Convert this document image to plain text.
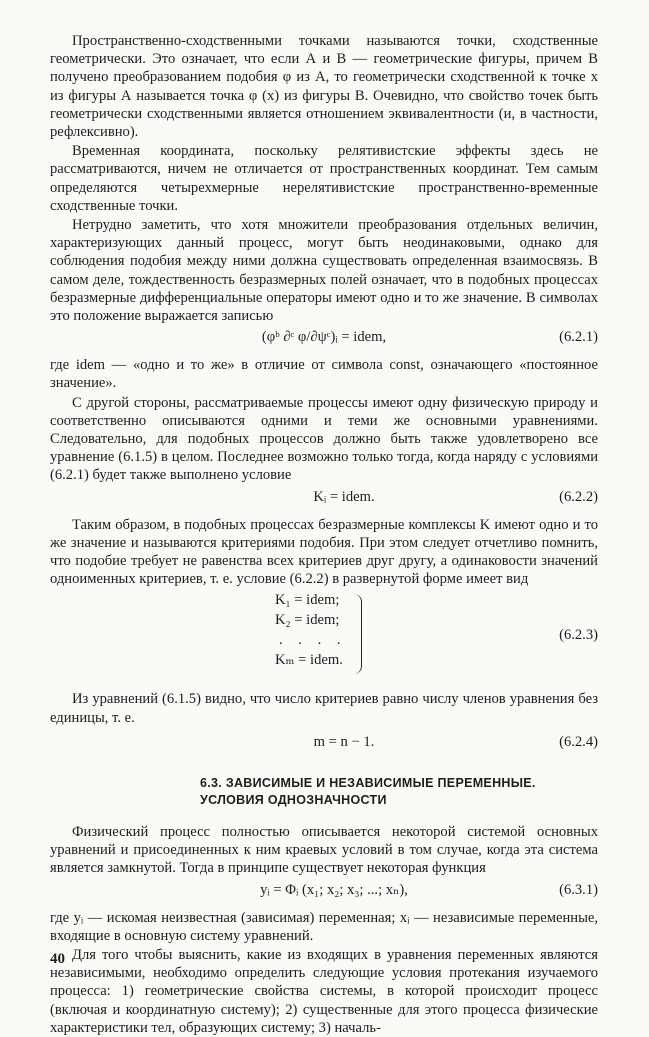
Пространственно-сходственными точками называются точки, сходственные геометрически. Это означает, что если А и В — геометрические фигуры, причем В получено преобразованием подобия φ из А, то геометрически сходственной к точке x из фигуры А называется точка φ (x) из фигуры В. Очевидно, что свойство точек быть геометрически сходственными является отношением эквивалентности (и, в частности, рефлексивно).

Временная координата, поскольку релятивистские эффекты здесь не рассматриваются, ничем не отличается от пространственных координат. Тем самым определяются четырехмерные нерелятивистские пространственно-временные сходственные точки.

Нетрудно заметить, что хотя множители преобразования отдельных величин, характеризующих данный процесс, могут быть неодинаковыми, однако для соблюдения подобия между ними должна существовать определенная взаимосвязь. В самом деле, тождественность безразмерных полей означает, что в подобных процессах безразмерные дифференциальные операторы имеют одно и то же значение. В символах это положение выражается записью

(φᵇ ∂ᶜ φ/∂ψᶜ)ᵢ = idem,	(6.2.1)

где idem — «одно и то же» в отличие от символа const, означающего «постоянное значение».

С другой стороны, рассматриваемые процессы имеют одну физическую природу и соответственно описываются одними и теми же основными уравнениями. Следовательно, для подобных процессов должно быть также удовлетворено все уравнение (6.1.5) в целом. Последнее возможно только тогда, когда наряду с условиями (6.2.1) будет также выполнено условие

Kᵢ = idem.	(6.2.2)

Таким образом, в подобных процессах безразмерные комплексы K имеют одно и то же значение и называются критериями подобия. При этом следует отчетливо помнить, что подобие требует не равенства всех критериев друг другу, а одинаковости значений одноименных критериев, т. е. условие (6.2.2) в развернутой форме имеет вид

K₁ = idem;
K₂ = idem;
. . . .
Kₘ = idem.
(6.2.3)

Из уравнений (6.1.5) видно, что число критериев равно числу членов уравнения без единицы, т. е.

m = n − 1.	(6.2.4)
6.3. ЗАВИСИМЫЕ И НЕЗАВИСИМЫЕ ПЕРЕМЕННЫЕ.
УСЛОВИЯ ОДНОЗНАЧНОСТИ

Физический процесс полностью описывается некоторой системой основных уравнений и присоединенных к ним краевых условий в том случае, когда эта система является замкнутой. Тогда в принципе существует некоторая функция

yᵢ = Φᵢ (x₁; x₂; x₃; ...; xₙ),	(6.3.1)

где yᵢ — искомая неизвестная (зависимая) переменная; xᵢ — независимые переменные, входящие в основную систему уравнений.

Для того чтобы выяснить, какие из входящих в уравнения переменных являются независимыми, необходимо определить следующие условия протекания изучаемого процесса: 1) геометрические свойства системы, в которой происходит процесс (включая и координатную систему); 2) существенные для этого процесса физические характеристики тел, образующих систему; 3) началь-

40
